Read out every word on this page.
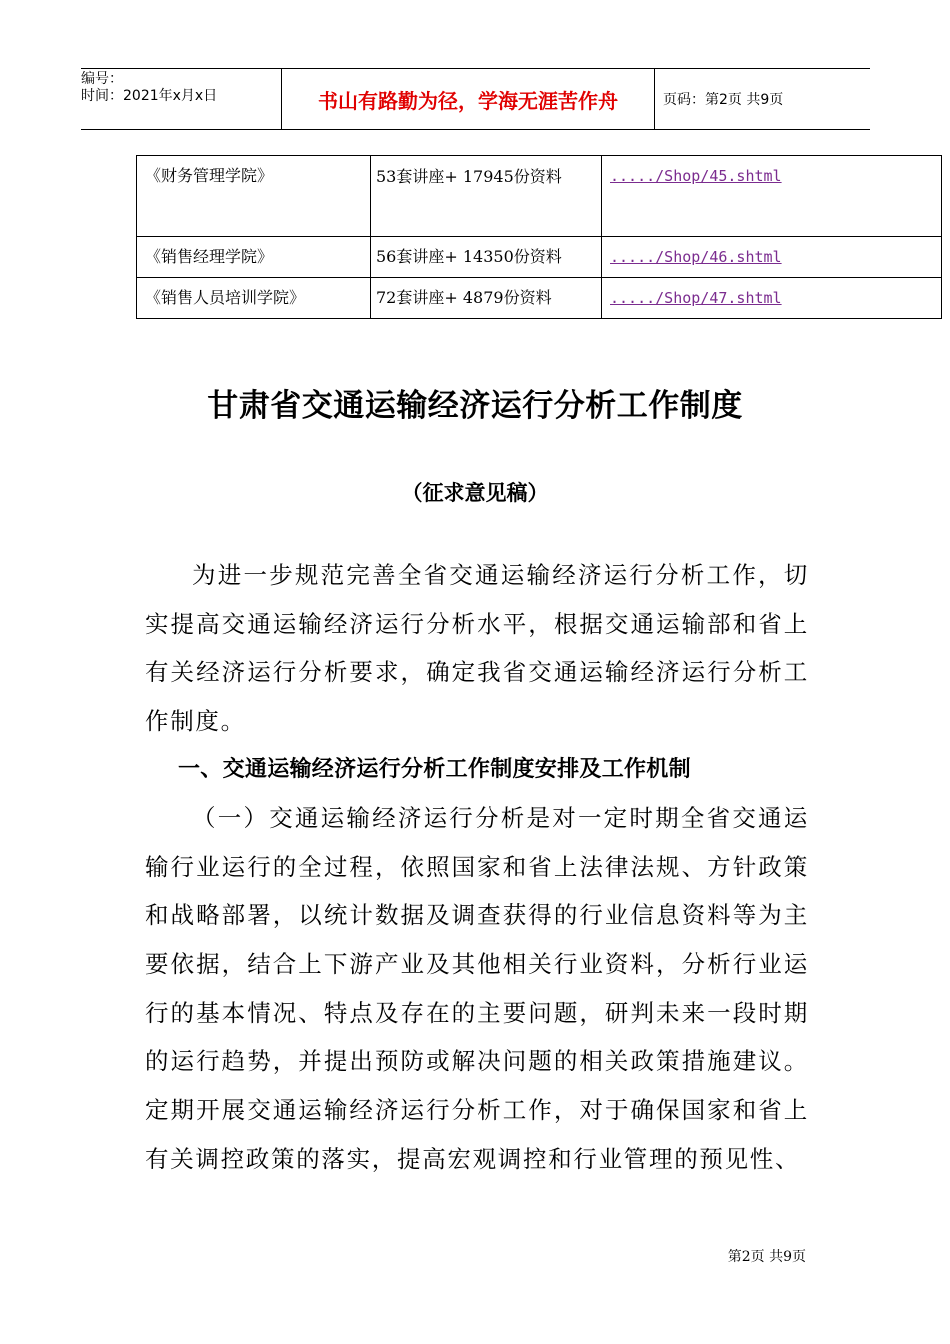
编号：
时间：2021年x月x日	书山有路勤为径，学海无涯苦作舟	页码：第2页 共9页
《财务管理学院》	53套讲座+ 17945份资料	...../Shop/45.shtml
《销售经理学院》	56套讲座+ 14350份资料	...../Shop/46.shtml
《销售人员培训学院》	72套讲座+ 4879份资料	...../Shop/47.shtml
甘肃省交通运输经济运行分析工作制度
（征求意见稿）

为进一步规范完善全省交通运输经济运行分析工作，切实提高交通运输经济运行分析水平，根据交通运输部和省上有关经济运行分析要求，确定我省交通运输经济运行分析工作制度。

一、交通运输经济运行分析工作制度安排及工作机制

（一）交通运输经济运行分析是对一定时期全省交通运输行业运行的全过程，依照国家和省上法律法规、方针政策和战略部署，以统计数据及调查获得的行业信息资料等为主要依据，结合上下游产业及其他相关行业资料，分析行业运行的基本情况、特点及存在的主要问题，研判未来一段时期的运行趋势，并提出预防或解决问题的相关政策措施建议。定期开展交通运输经济运行分析工作，对于确保国家和省上有关调控政策的落实，提高宏观调控和行业管理的预见性、

第2页 共9页
